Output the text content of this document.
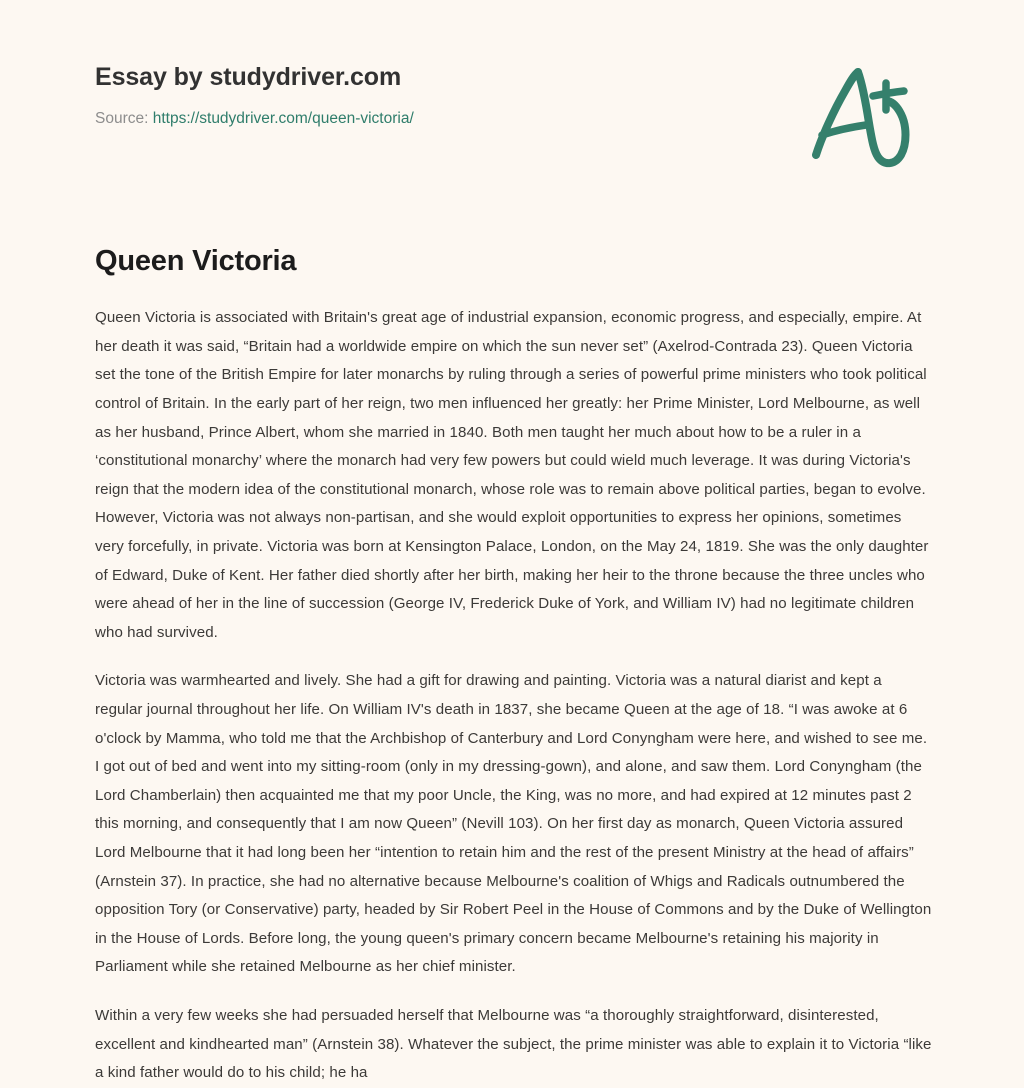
Essay by studydriver.com

Source: https://studydriver.com/queen-victoria/

Queen Victoria

Queen Victoria is associated with Britain's great age of industrial expansion, economic progress, and especially, empire. At her death it was said, “Britain had a worldwide empire on which the sun never set” (Axelrod-Contrada 23). Queen Victoria set the tone of the British Empire for later monarchs by ruling through a series of powerful prime ministers who took political control of Britain. In the early part of her reign, two men influenced her greatly: her Prime Minister, Lord Melbourne, as well as her husband, Prince Albert, whom she married in 1840. Both men taught her much about how to be a ruler in a ‘constitutional monarchy’ where the monarch had very few powers but could wield much leverage. It was during Victoria's reign that the modern idea of the constitutional monarch, whose role was to remain above political parties, began to evolve. However, Victoria was not always non-partisan, and she would exploit opportunities to express her opinions, sometimes very forcefully, in private. Victoria was born at Kensington Palace, London, on the May 24, 1819. She was the only daughter of Edward, Duke of Kent. Her father died shortly after her birth, making her heir to the throne because the three uncles who were ahead of her in the line of succession (George IV, Frederick Duke of York, and William IV) had no legitimate children who had survived.

Victoria was warmhearted and lively. She had a gift for drawing and painting. Victoria was a natural diarist and kept a regular journal throughout her life. On William IV's death in 1837, she became Queen at the age of 18. “I was awoke at 6 o'clock by Mamma, who told me that the Archbishop of Canterbury and Lord Conyngham were here, and wished to see me. I got out of bed and went into my sitting-room (only in my dressing-gown), and alone, and saw them. Lord Conyngham (the Lord Chamberlain) then acquainted me that my poor Uncle, the King, was no more, and had expired at 12 minutes past 2 this morning, and consequently that I am now Queen” (Nevill 103). On her first day as monarch, Queen Victoria assured Lord Melbourne that it had long been her “intention to retain him and the rest of the present Ministry at the head of affairs” (Arnstein 37). In practice, she had no alternative because Melbourne's coalition of Whigs and Radicals outnumbered the opposition Tory (or Conservative) party, headed by Sir Robert Peel in the House of Commons and by the Duke of Wellington in the House of Lords. Before long, the young queen's primary concern became Melbourne's retaining his majority in Parliament while she retained Melbourne as her chief minister.

Within a very few weeks she had persuaded herself that Melbourne was “a thoroughly straightforward, disinterested, excellent and kindhearted man” (Arnstein 38). Whatever the subject, the prime minister was able to explain it to Victoria “like a kind father would do to his child; he ha
